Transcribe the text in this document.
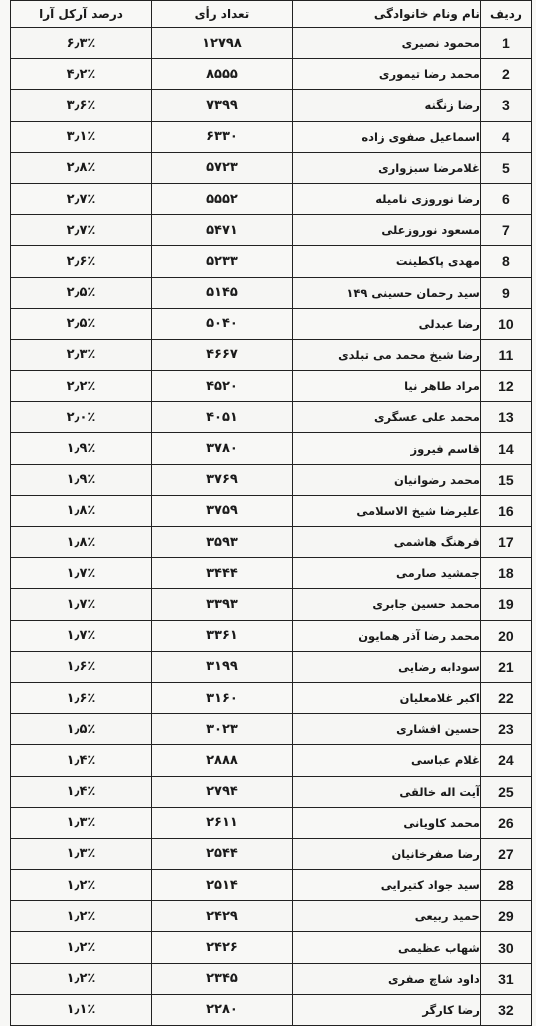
ردیف	نام ونام خانوادگی	تعداد رأی	درصد آرکل آرا
1	محمود نصیری	۱۲۷۹۸	۶٫۳٪
2	محمد رضا تیموری	۸۵۵۵	۴٫۲٪
3	رضا زنگنه	۷۳۹۹	۳٫۶٪
4	اسماعیل صفوی زاده	۶۳۳۰	۳٫۱٪
5	غلامرضا سبزواری	۵۷۲۳	۲٫۸٪
6	رضا نوروزی نامیله	۵۵۵۲	۲٫۷٪
7	مسعود نوروزعلی	۵۴۷۱	۲٫۷٪
8	مهدی پاکطینت	۵۲۳۳	۲٫۶٪
9	سید رحمان حسینی ۱۴۹	۵۱۴۵	۲٫۵٪
10	رضا عبدلی	۵۰۴۰	۲٫۵٪
11	رضا شیخ محمد می تبلدی	۴۶۶۷	۲٫۳٪
12	مراد طاهر نیا	۴۵۲۰	۲٫۲٪
13	محمد علی عسگری	۴۰۵۱	۲٫۰٪
14	قاسم فیروز	۳۷۸۰	۱٫۹٪
15	محمد رضوانیان	۳۷۶۹	۱٫۹٪
16	علیرضا شیخ الاسلامی	۳۷۵۹	۱٫۸٪
17	فرهنگ هاشمی	۳۵۹۳	۱٫۸٪
18	جمشید صارمی	۳۴۴۴	۱٫۷٪
19	محمد حسین جابری	۳۳۹۳	۱٫۷٪
20	محمد رضا آذر همایون	۳۳۶۱	۱٫۷٪
21	سودابه رضایی	۳۱۹۹	۱٫۶٪
22	اکبر غلامعلیان	۳۱۶۰	۱٫۶٪
23	حسین افشاری	۳۰۲۳	۱٫۵٪
24	غلام عباسی	۲۸۸۸	۱٫۴٪
25	آیت اله خالقی	۲۷۹۴	۱٫۴٪
26	محمد کاویانی	۲۶۱۱	۱٫۳٪
27	رضا صفرخانیان	۲۵۴۴	۱٫۳٪
28	سید جواد کتیرایی	۲۵۱۴	۱٫۲٪
29	حمید ربیعی	۲۴۲۹	۱٫۲٪
30	شهاب عظیمی	۲۴۲۶	۱٫۲٪
31	داود شاچ صفری	۲۳۴۵	۱٫۲٪
32	رضا کارگر	۲۲۸۰	۱٫۱٪
